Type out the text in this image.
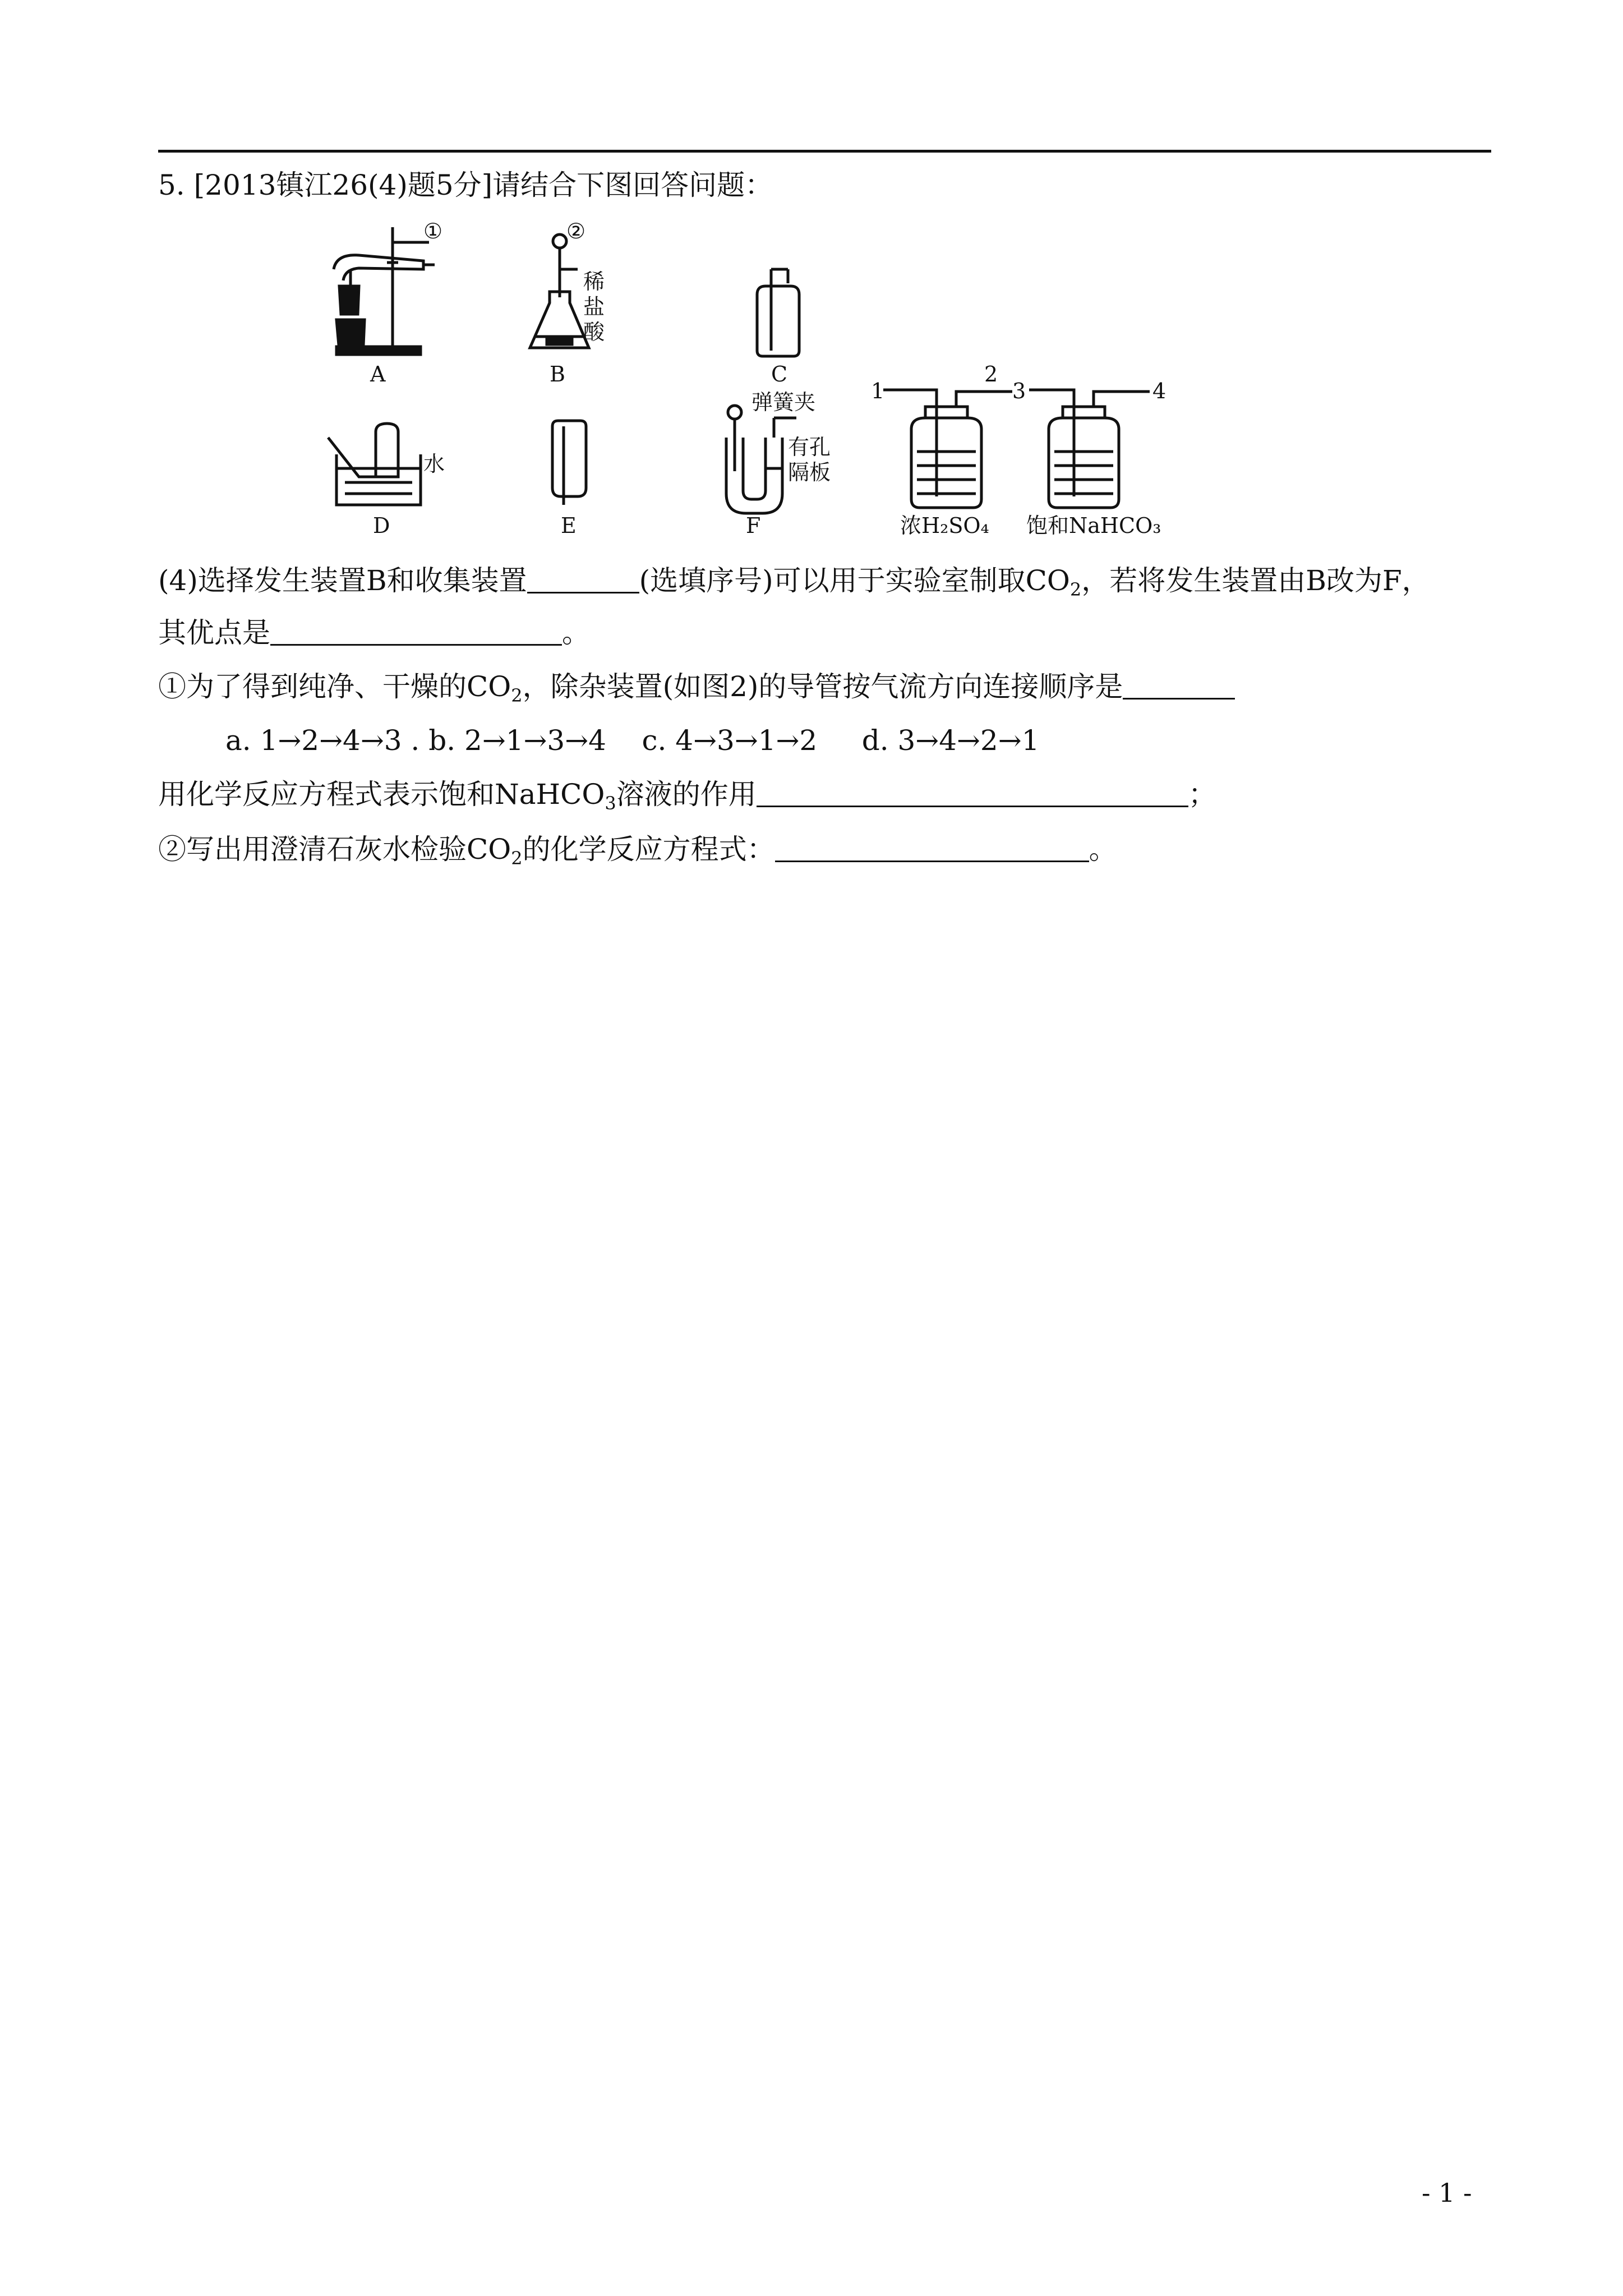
5. [2013镇江26(4)题5分]请结合下图回答问题：
①	②
稀
盐
酸
A	B	C
水
D	E	F
弹簧夹
有孔
隔板
1
2
3	4
浓H₂SO₄ 饱和NaHCO₃
(4)选择发生装置B和收集装置	(选填序号)可以用于实验室制取$CO_2$，若将发生装置由B改为F，
其优点是	。
①为了得到纯净、干燥的$CO_2$，除杂装置(如图2)的导管按气流方向连接顺序是
a. 1→2→4→3 . b. 2→1→3→4    c. 4→3→1→2     d. 3→4→2→1
用化学反应方程式表示饱和NaHCO$_3$溶液的作用	；
②写出用澄清石灰水检验$CO_2$的化学反应方程式：	。
- 1 -
